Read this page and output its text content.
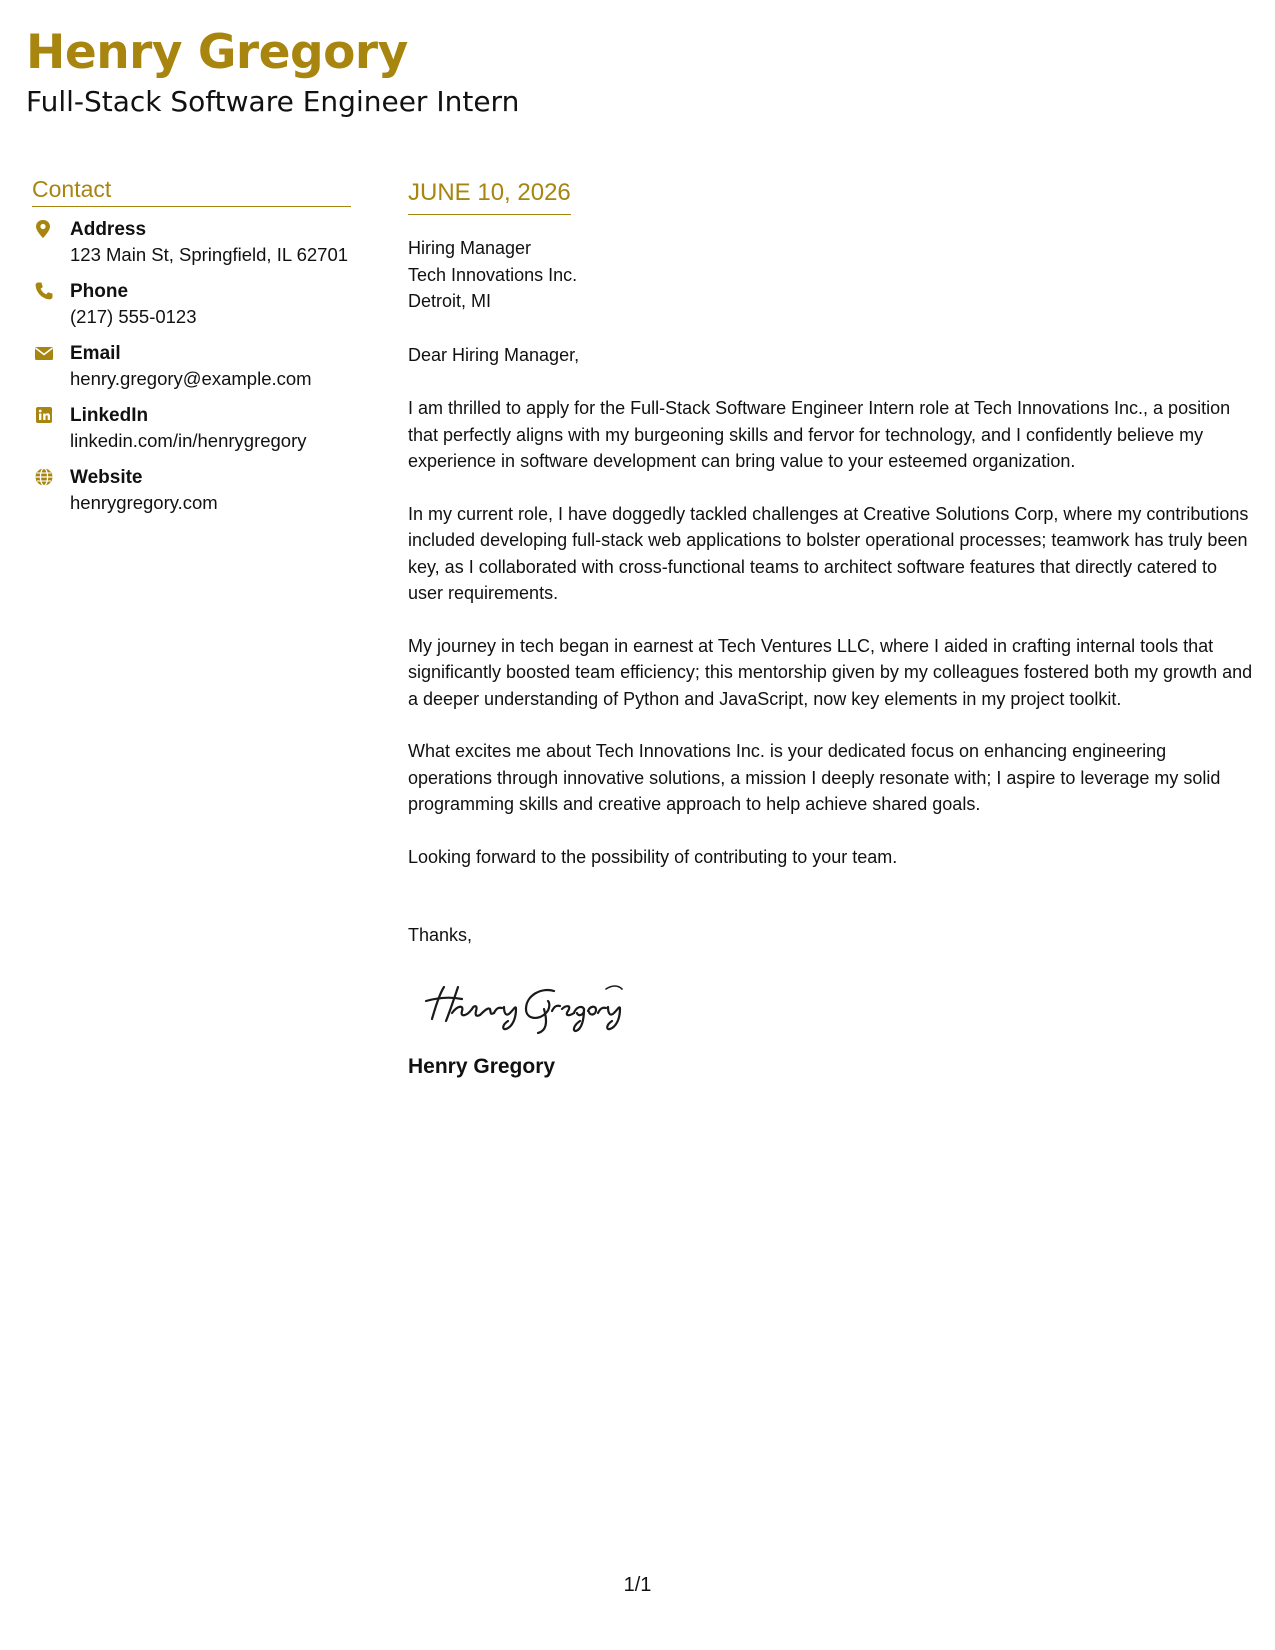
Henry Gregory
Full-Stack Software Engineer Intern
Contact
Address
123 Main St, Springfield, IL 62701
Phone
(217) 555-0123
Email
henry.gregory@example.com
LinkedIn
linkedin.com/in/henrygregory
Website
henrygregory.com
JUNE 10, 2026
Hiring Manager
Tech Innovations Inc.
Detroit, MI

Dear Hiring Manager,

I am thrilled to apply for the Full-Stack Software Engineer Intern role at Tech Innovations Inc., a position that perfectly aligns with my burgeoning skills and fervor for technology, and I confidently believe my experience in software development can bring value to your esteemed organization.

In my current role, I have doggedly tackled challenges at Creative Solutions Corp, where my contributions included developing full-stack web applications to bolster operational processes; teamwork has truly been key, as I collaborated with cross-functional teams to architect software features that directly catered to user requirements.

My journey in tech began in earnest at Tech Ventures LLC, where I aided in crafting internal tools that significantly boosted team efficiency; this mentorship given by my colleagues fostered both my growth and a deeper understanding of Python and JavaScript, now key elements in my project toolkit.

What excites me about Tech Innovations Inc. is your dedicated focus on enhancing engineering operations through innovative solutions, a mission I deeply resonate with; I aspire to leverage my solid programming skills and creative approach to help achieve shared goals.

Looking forward to the possibility of contributing to your team.

Thanks,
Henry Gregory
1/1
